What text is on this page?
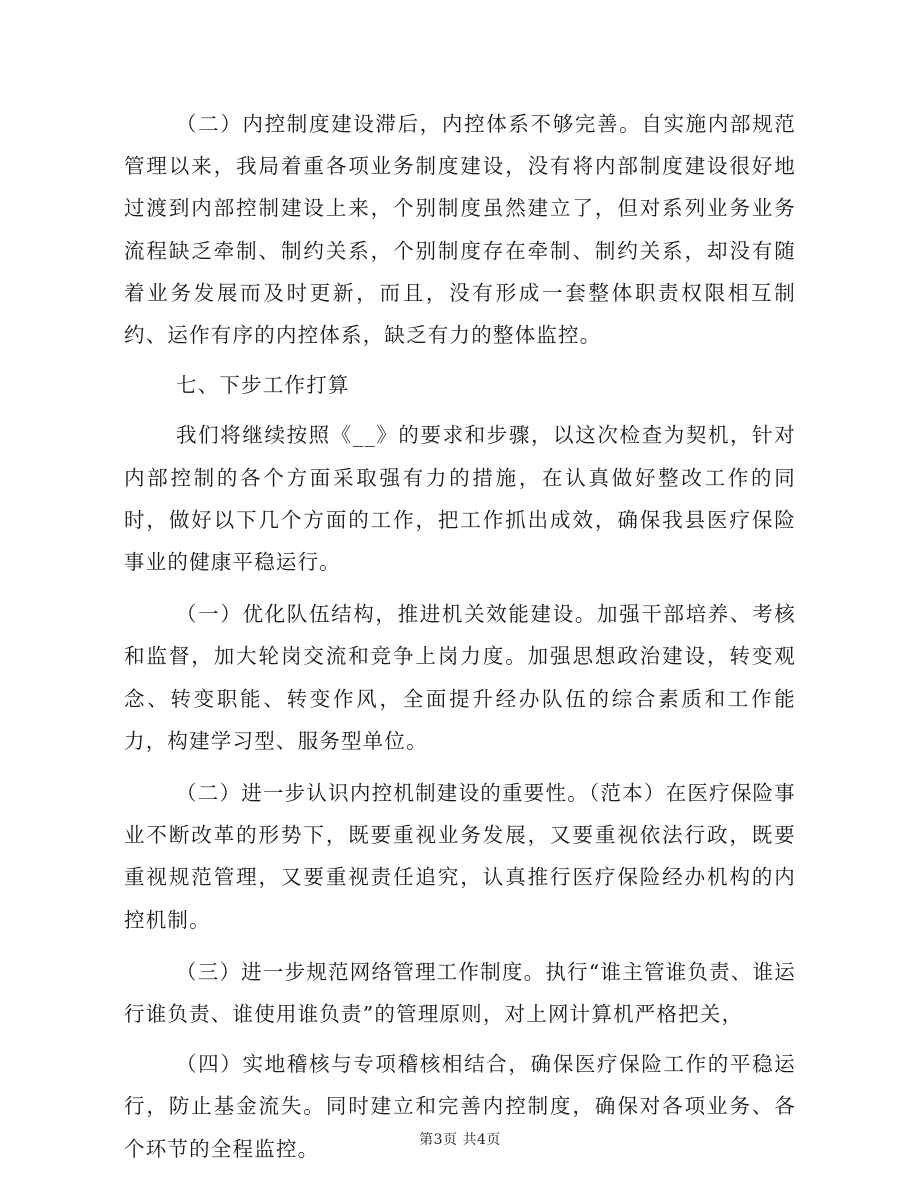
（二）内控制度建设滞后，内控体系不够完善。自实施内部规范管理以来，我局着重各项业务制度建设，没有将内部制度建设很好地过渡到内部控制建设上来，个别制度虽然建立了，但对系列业务业务流程缺乏牵制、制约关系，个别制度存在牵制、制约关系，却没有随着业务发展而及时更新，而且，没有形成一套整体职责权限相互制约、运作有序的内控体系，缺乏有力的整体监控。

七、下步工作打算

我们将继续按照《__》的要求和步骤，以这次检查为契机，针对内部控制的各个方面采取强有力的措施，在认真做好整改工作的同时，做好以下几个方面的工作，把工作抓出成效，确保我县医疗保险事业的健康平稳运行。

（一）优化队伍结构，推进机关效能建设。加强干部培养、考核和监督，加大轮岗交流和竞争上岗力度。加强思想政治建设，转变观念、转变职能、转变作风，全面提升经办队伍的综合素质和工作能力，构建学习型、服务型单位。

（二）进一步认识内控机制建设的重要性。（范本）在医疗保险事业不断改革的形势下，既要重视业务发展，又要重视依法行政，既要重视规范管理，又要重视责任追究，认真推行医疗保险经办机构的内控机制。

（三）进一步规范网络管理工作制度。执行“谁主管谁负责、谁运行谁负责、谁使用谁负责”的管理原则，对上网计算机严格把关，

（四）实地稽核与专项稽核相结合，确保医疗保险工作的平稳运行，防止基金流失。同时建立和完善内控制度，确保对各项业务、各个环节的全程监控。	第3页 共4页
